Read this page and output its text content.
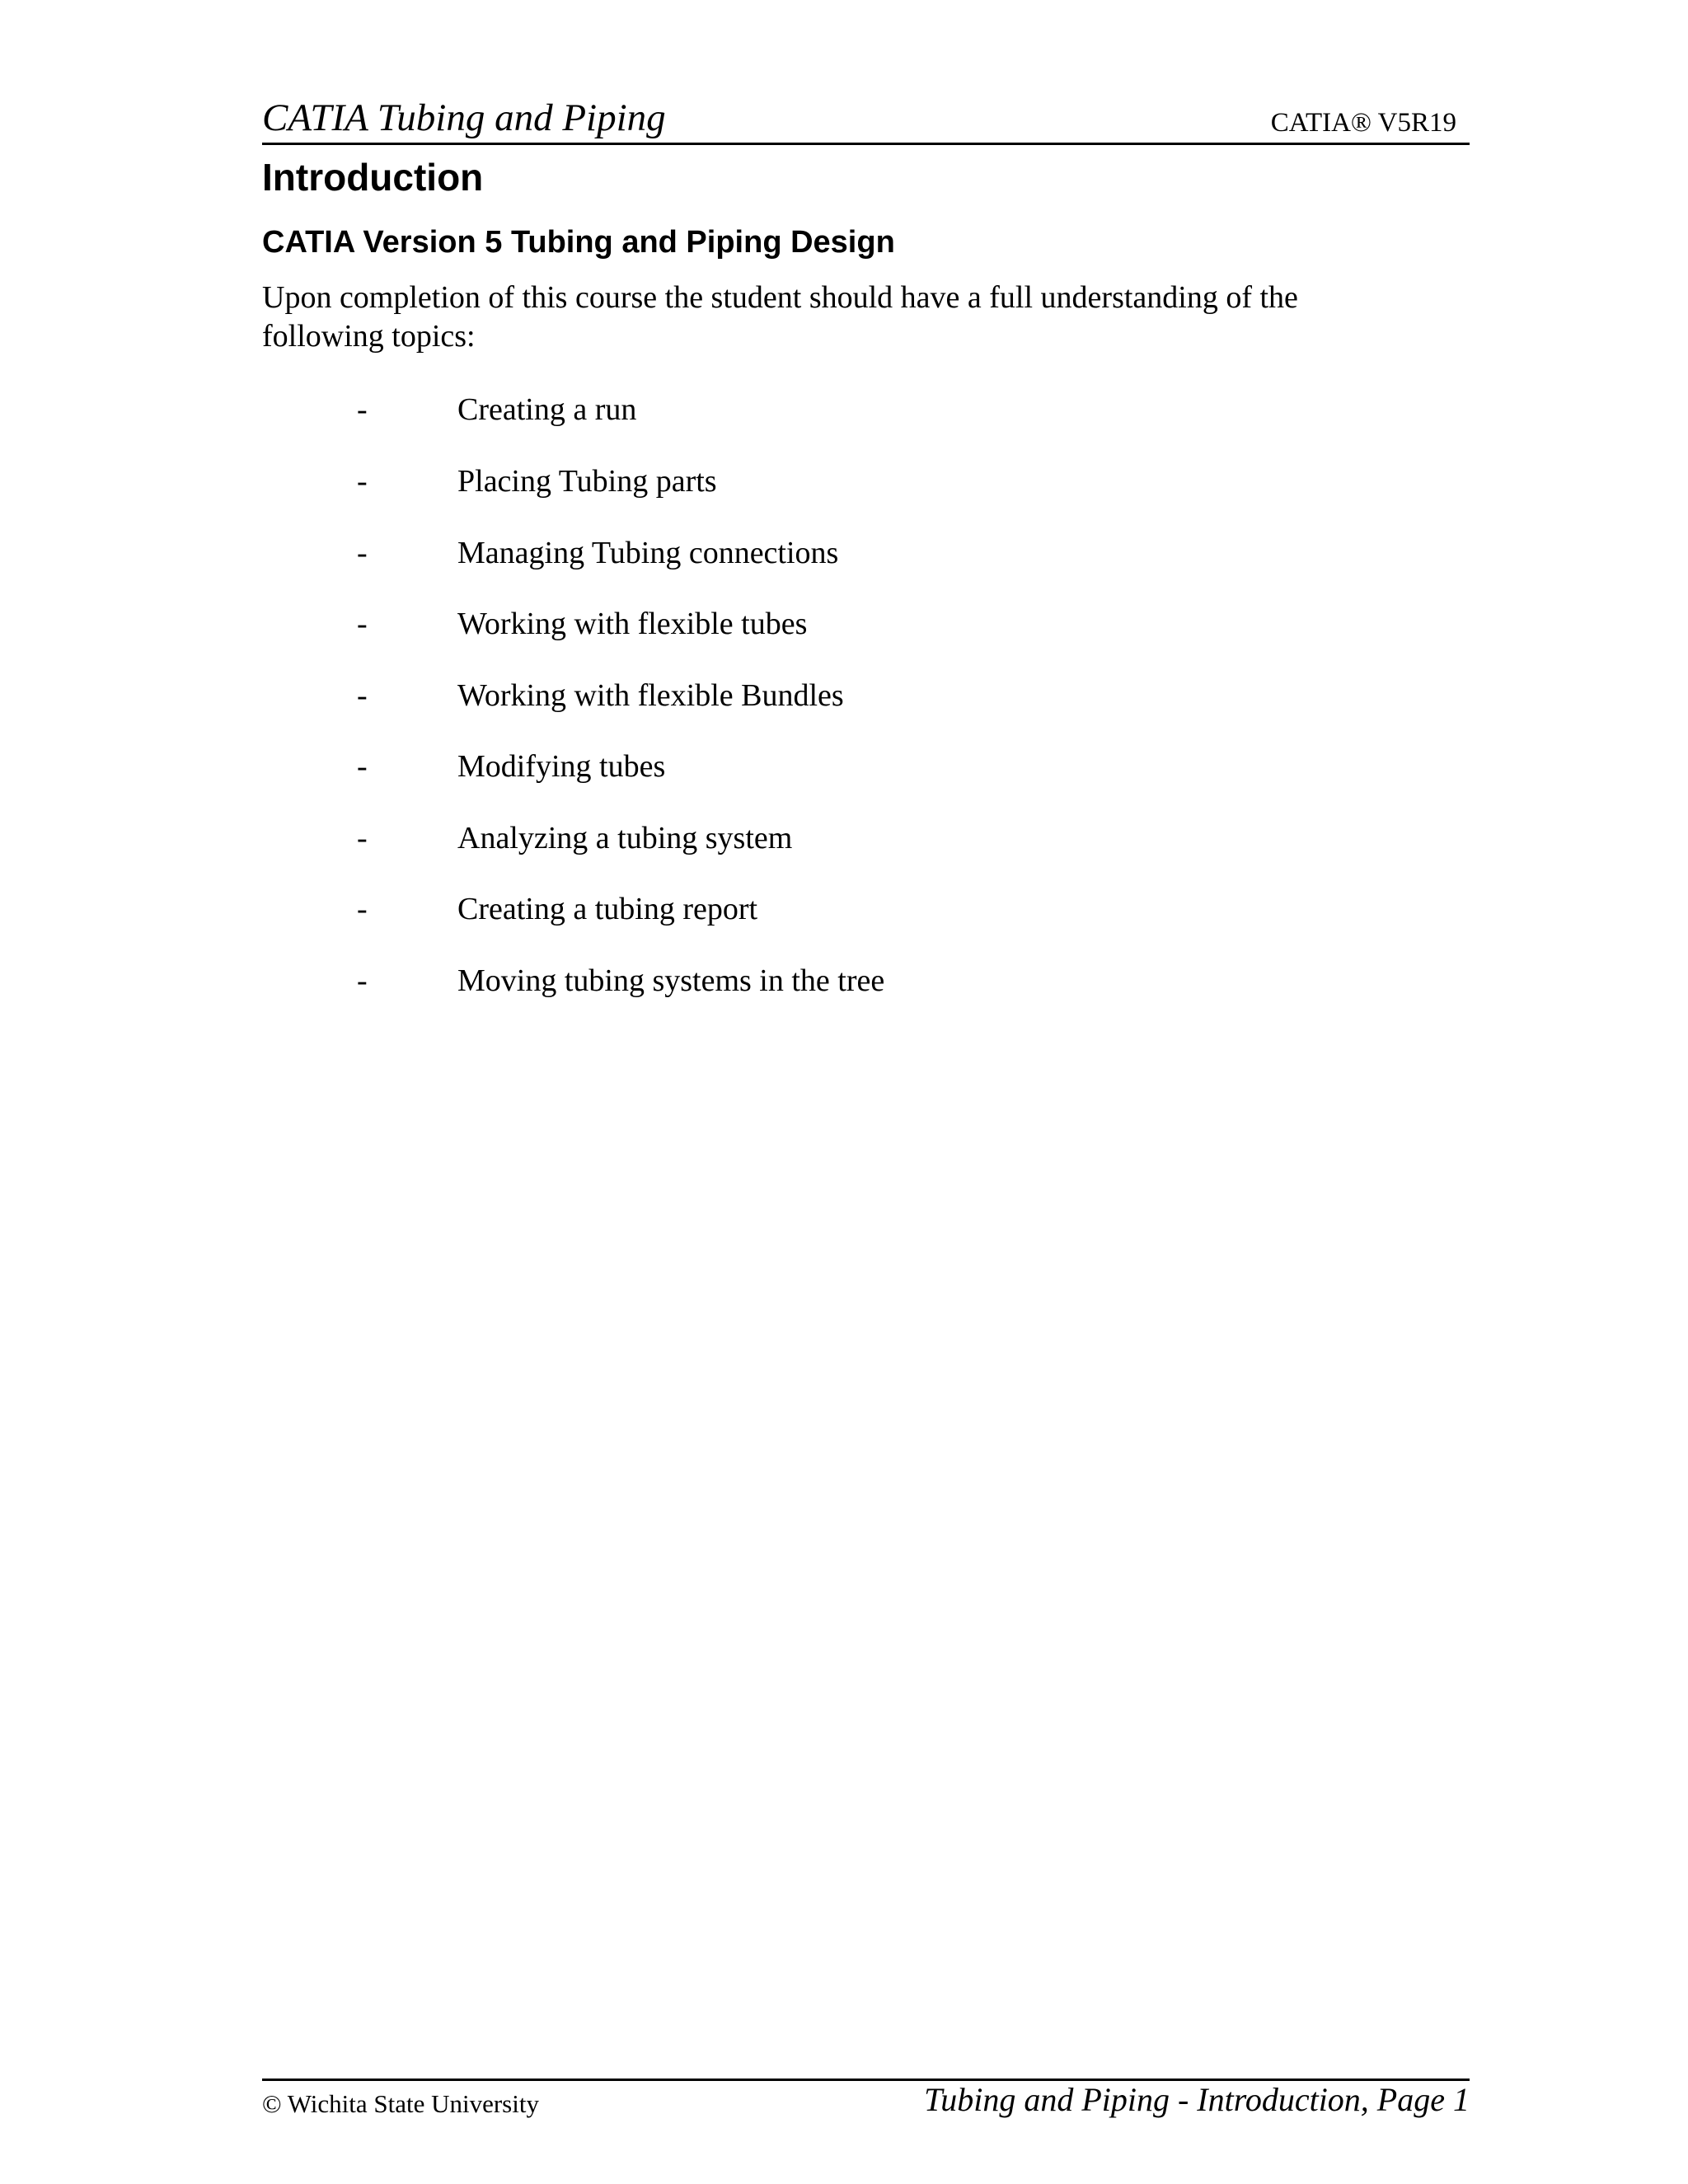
CATIA Tubing and Piping	CATIA® V5R19
Introduction
CATIA Version 5 Tubing and Piping Design
Upon completion of this course the student should have a full understanding of the following topics:
-	Creating a run
-	Placing Tubing parts
-	Managing Tubing connections
-	Working with flexible tubes
-	Working with flexible Bundles
-	Modifying tubes
-	Analyzing a tubing system
-	Creating a tubing report
-	Moving tubing systems in the tree
© Wichita State University	Tubing and Piping - Introduction, Page 1
